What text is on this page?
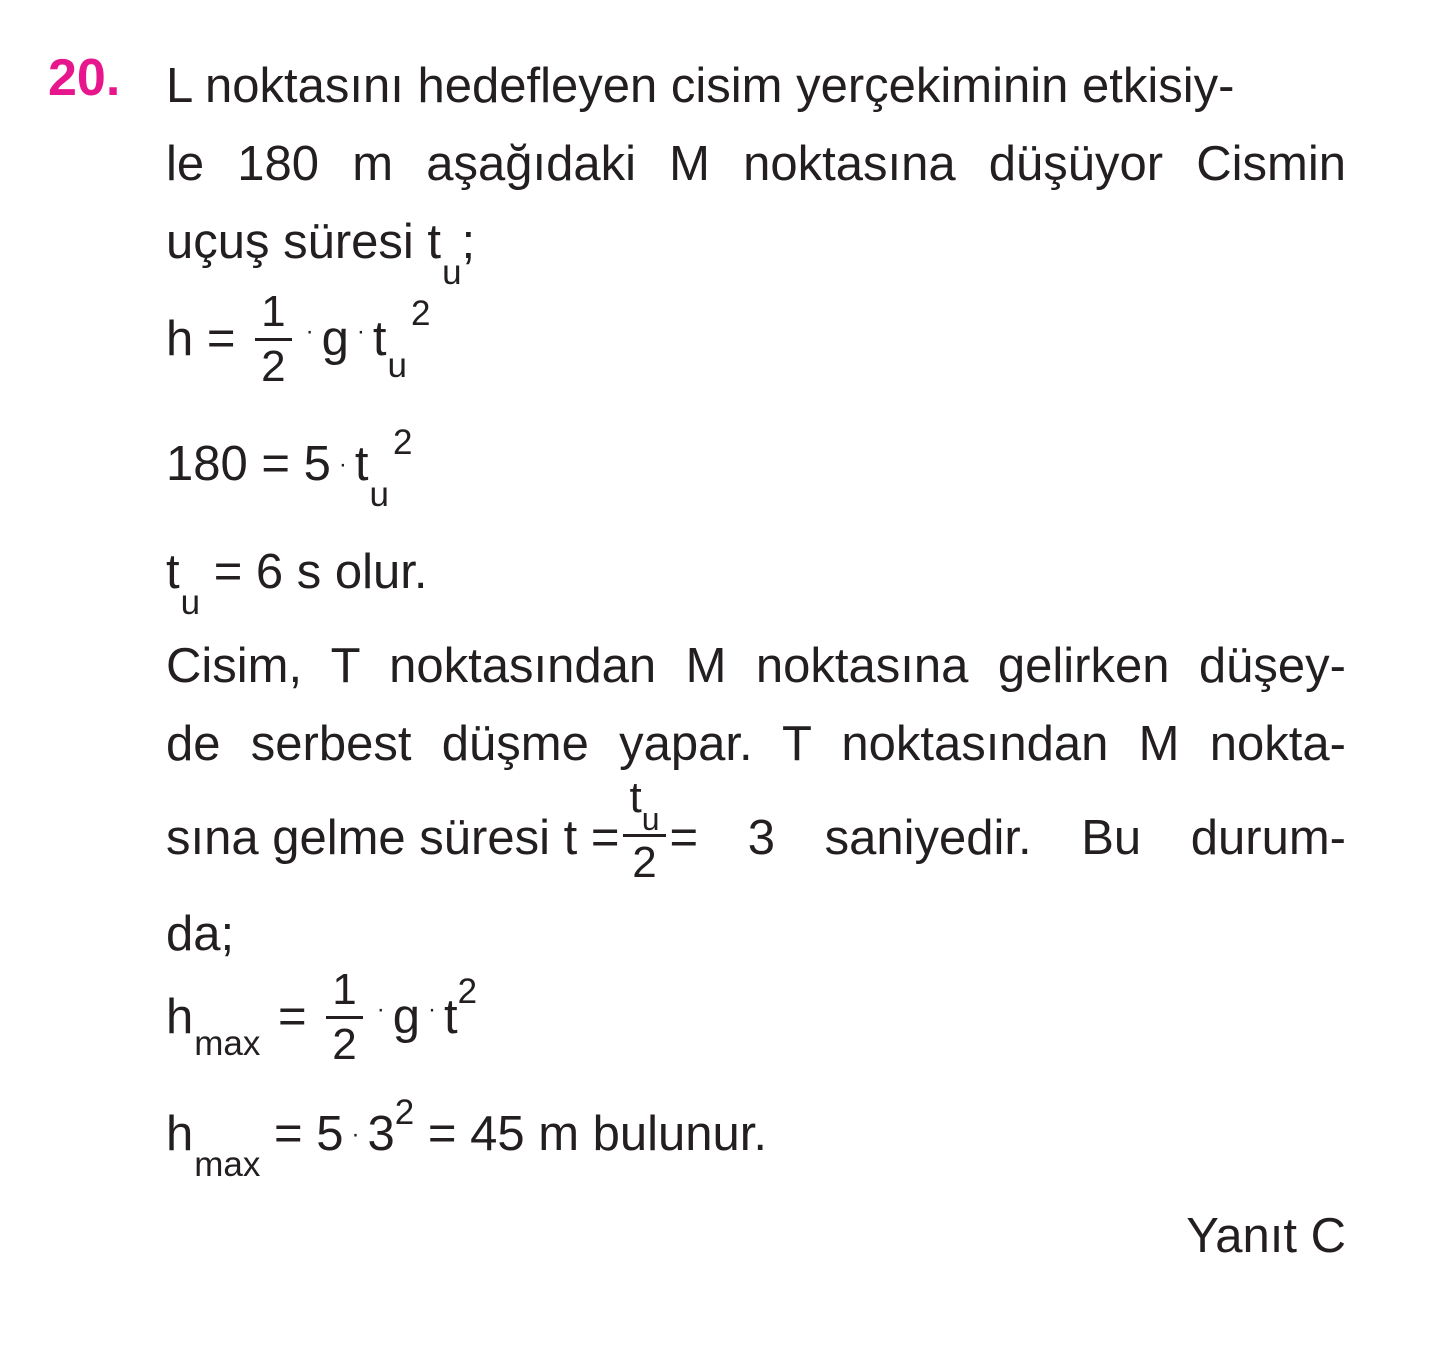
20. L noktasını hedefleyen cisim yerçekiminin etkisiy-
le 180 m aşağıdaki M noktasına düşüyor Cismin
uçuş süresi $t_u$;
$h = \frac{1}{2} \cdot g \cdot t_u^2$
$180 = 5 \cdot t_u^2$
$t_u = 6$ s olur.
Cisim, T noktasından M noktasına gelirken düşey-
de serbest düşme yapar. T noktasından M nokta-
sına gelme süresi $t = \frac{t_u}{2} = 3$ saniyedir. Bu durum-
da;
$h_{max} = \frac{1}{2} \cdot g \cdot t^2$
$h_{max} = 5 \cdot 3^2 = 45$ m bulunur.
Yanıt C
